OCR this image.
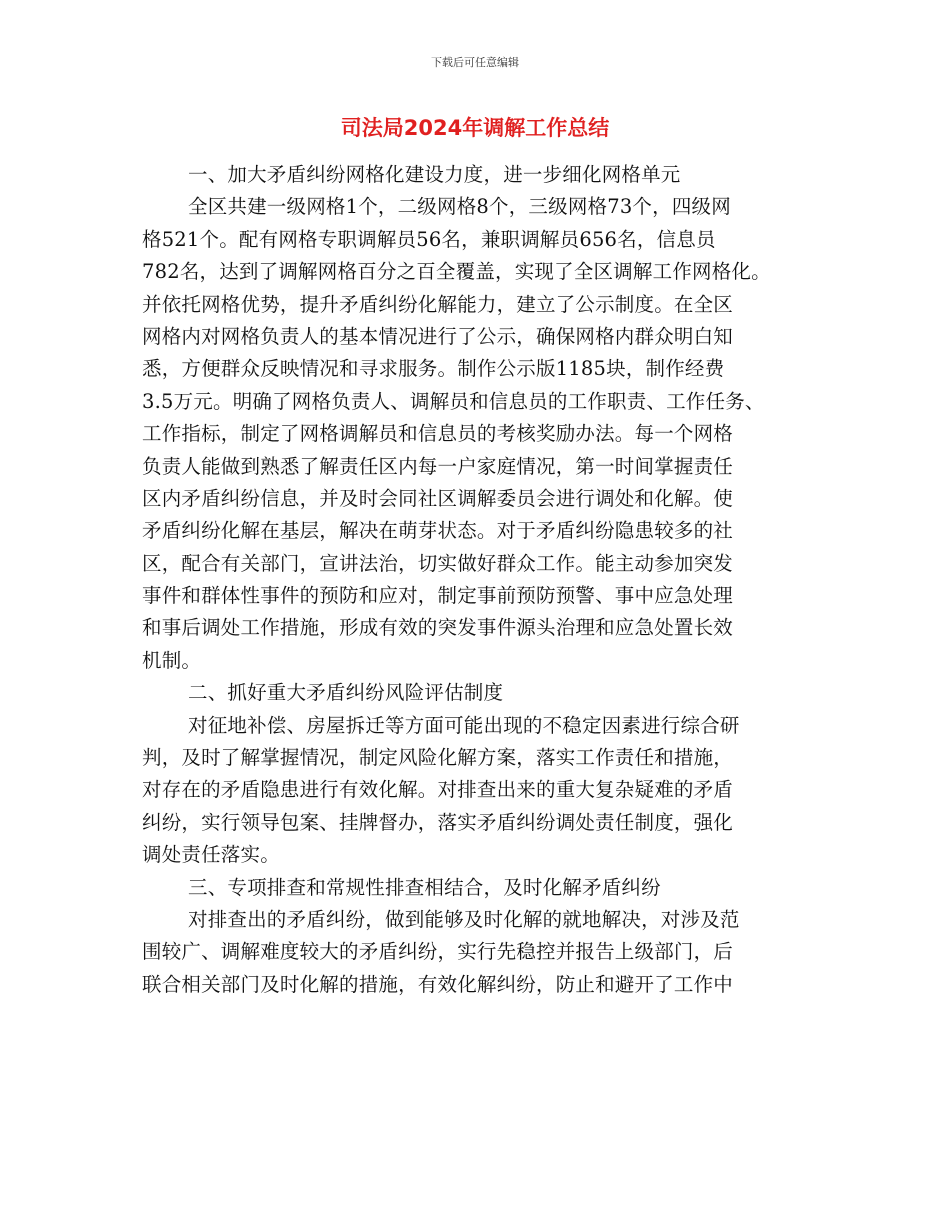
下载后可任意编辑
司法局2024年调解工作总结
一、加大矛盾纠纷网格化建设力度，进一步细化网格单元
全区共建一级网格1个，二级网格8个，三级网格73个，四级网
格521个。配有网格专职调解员56名，兼职调解员656名，信息员
782名，达到了调解网格百分之百全覆盖，实现了全区调解工作网格化。
并依托网格优势，提升矛盾纠纷化解能力，建立了公示制度。在全区
网格内对网格负责人的基本情况进行了公示，确保网格内群众明白知
悉，方便群众反映情况和寻求服务。制作公示版1185块，制作经费
3.5万元。明确了网格负责人、调解员和信息员的工作职责、工作任务、
工作指标，制定了网格调解员和信息员的考核奖励办法。每一个网格
负责人能做到熟悉了解责任区内每一户家庭情况，第一时间掌握责任
区内矛盾纠纷信息，并及时会同社区调解委员会进行调处和化解。使
矛盾纠纷化解在基层，解决在萌芽状态。对于矛盾纠纷隐患较多的社
区，配合有关部门，宣讲法治，切实做好群众工作。能主动参加突发
事件和群体性事件的预防和应对，制定事前预防预警、事中应急处理
和事后调处工作措施，形成有效的突发事件源头治理和应急处置长效
机制。
二、抓好重大矛盾纠纷风险评估制度
对征地补偿、房屋拆迁等方面可能出现的不稳定因素进行综合研
判，及时了解掌握情况，制定风险化解方案，落实工作责任和措施，
对存在的矛盾隐患进行有效化解。对排查出来的重大复杂疑难的矛盾
纠纷，实行领导包案、挂牌督办，落实矛盾纠纷调处责任制度，强化
调处责任落实。
三、专项排查和常规性排查相结合，及时化解矛盾纠纷
对排查出的矛盾纠纷，做到能够及时化解的就地解决，对涉及范
围较广、调解难度较大的矛盾纠纷，实行先稳控并报告上级部门，后
联合相关部门及时化解的措施，有效化解纠纷，防止和避开了工作中
